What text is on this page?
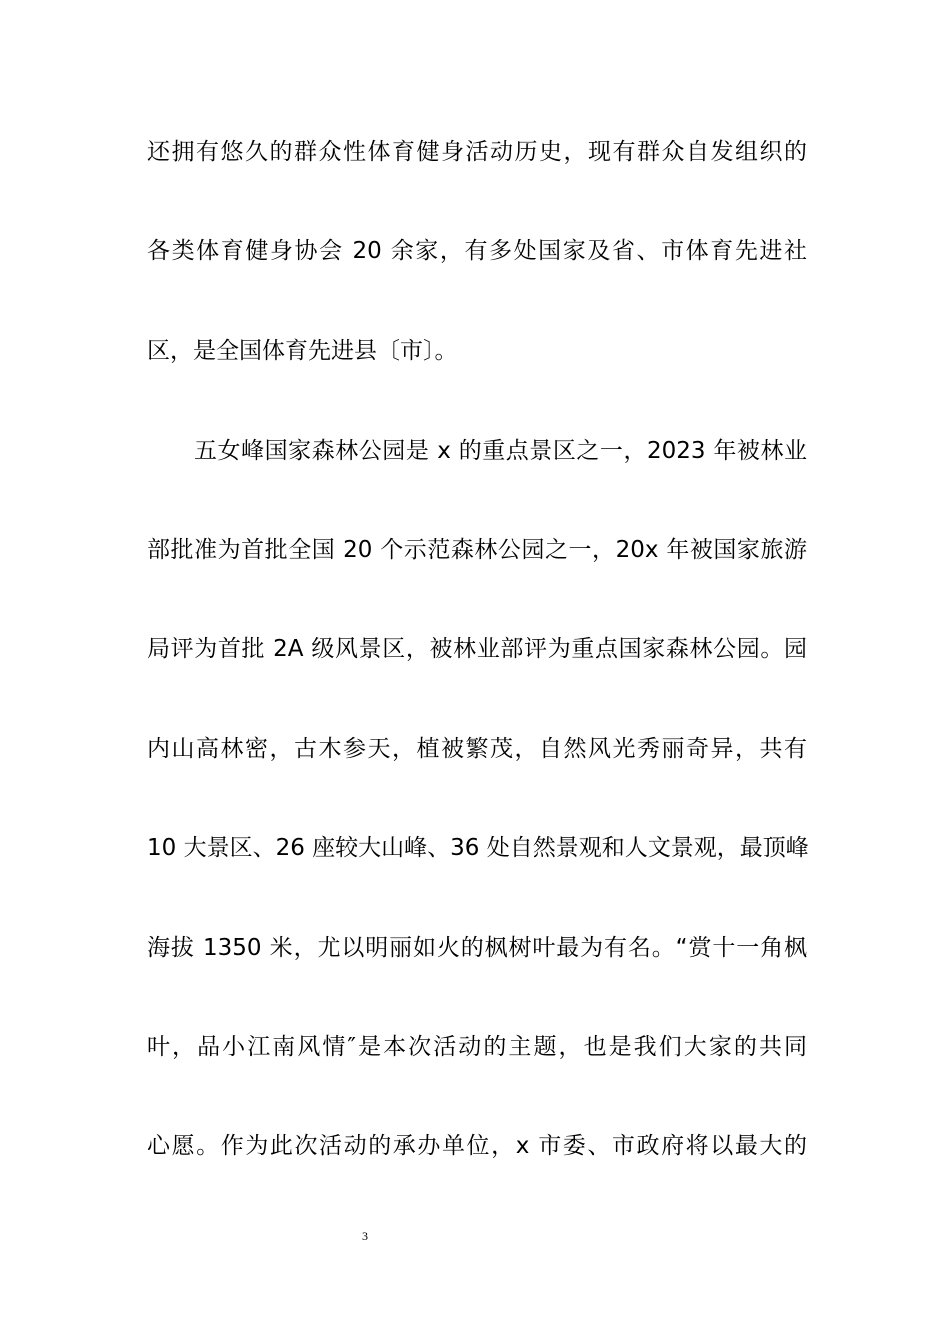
还拥有悠久的群众性体育健身活动历史，现有群众自发组织的
各类体育健身协会 20 余家，有多处国家及省、市体育先进社
区，是全国体育先进县〔市〕。
五女峰国家森林公园是 x 的重点景区之一，2023 年被林业
部批准为首批全国 20 个示范森林公园之一，20x 年被国家旅游
局评为首批 2A 级风景区，被林业部评为重点国家森林公园。园
内山高林密，古木参天，植被繁茂，自然风光秀丽奇异，共有
10 大景区、26 座较大山峰、36 处自然景观和人文景观，最顶峰
海拔 1350 米，尤以明丽如火的枫树叶最为有名。“赏十一角枫
叶，品小江南风情″是本次活动的主题，也是我们大家的共同
心愿。作为此次活动的承办单位，x 市委、市政府将以最大的
3
